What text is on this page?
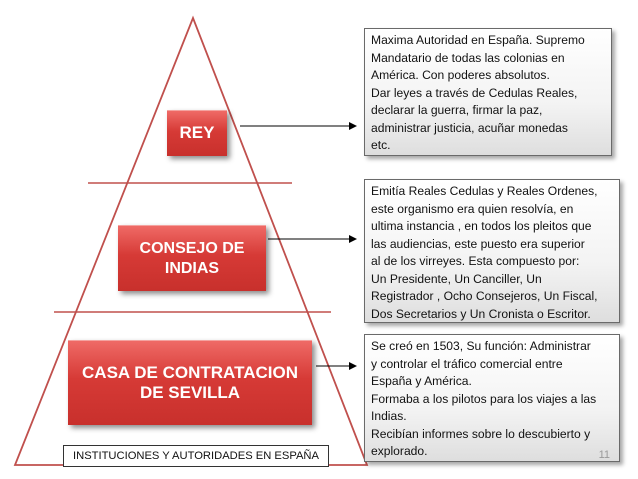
REY
CONSEJO DE
INDIAS
CASA DE CONTRATACION
DE SEVILLA
Maxima Autoridad en España. Supremo
Mandatario de todas las colonias en
América. Con poderes absolutos.
Dar leyes a través de Cedulas Reales,
declarar la guerra, firmar la paz,
administrar justicia, acuñar monedas
etc.
Emitía Reales Cedulas y Reales Ordenes,
este organismo era quien resolvía, en
ultima instancia , en todos los pleitos que
las audiencias, este puesto era superior
al de los virreyes. Esta compuesto por:
Un Presidente, Un Canciller, Un
Registrador , Ocho Consejeros, Un Fiscal,
Dos Secretarios y Un Cronista o Escritor.
Se creó en 1503, Su función: Administrar
y controlar el tráfico comercial entre
España y América.
Formaba a los pilotos para los viajes a las
Indias.
Recibían informes sobre lo descubierto y
explorado.
INSTITUCIONES Y AUTORIDADES EN ESPAÑA	11
